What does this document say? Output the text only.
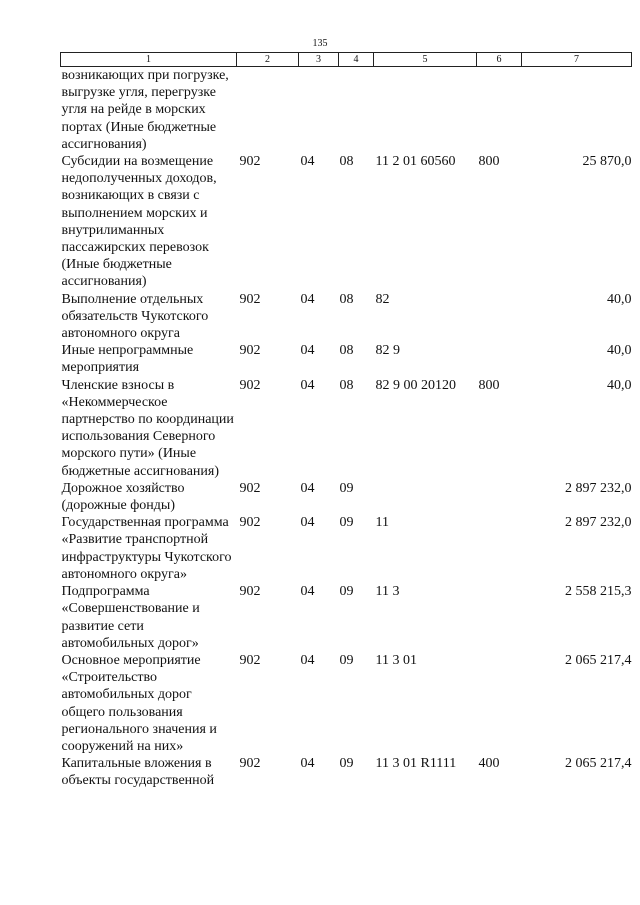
135
1	2	3	4	5	6	7
возникающих при погрузке, выгрузке угля, перегрузке угля на рейде в морских портах (Иные бюджетные ассигнования)						
Субсидии на возмещение недополученных доходов, возникающих в связи с выполнением морских и внутрилиманных пассажирских перевозок (Иные бюджетные ассигнования)	902	04	08	11 2 01 60560	800	25 870,0
Выполнение отдельных обязательств Чукотского автономного округа	902	04	08	82		40,0
Иные непрограммные мероприятия	902	04	08	82 9		40,0
Членские взносы в «Некоммерческое партнерство по координации использования Северного морского пути» (Иные бюджетные ассигнования)	902	04	08	82 9 00 20120	800	40,0
Дорожное хозяйство (дорожные фонды)	902	04	09			2 897 232,0
Государственная программа «Развитие транспортной инфраструктуры Чукотского автономного округа»	902	04	09	11		2 897 232,0
Подпрограмма «Совершенствование и развитие сети автомобильных дорог»	902	04	09	11 3		2 558 215,3
Основное мероприятие «Строительство автомобильных дорог общего пользования регионального значения и сооружений на них»	902	04	09	11 3 01		2 065 217,4
Капитальные вложения в объекты государственной	902	04	09	11 3 01 R1111	400	2 065 217,4
